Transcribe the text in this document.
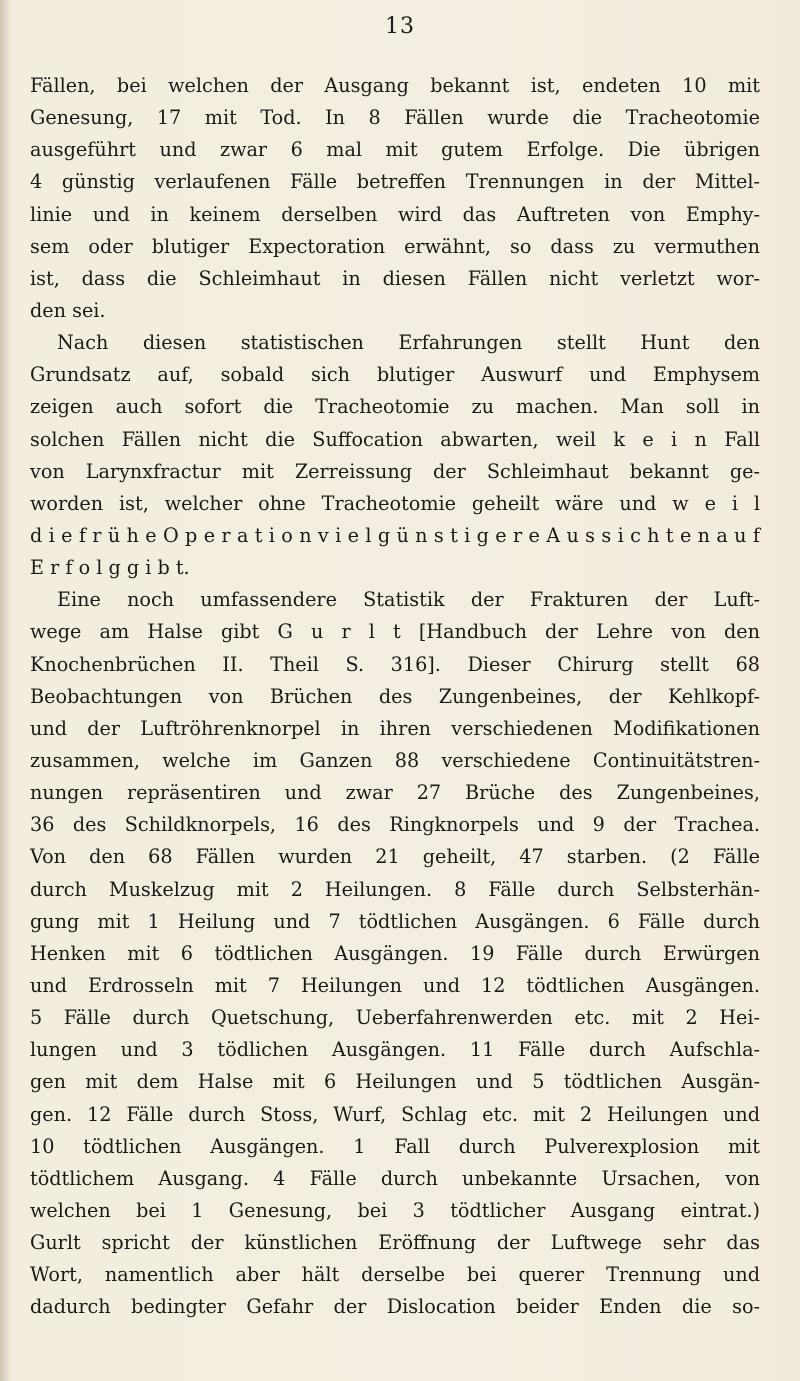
13
Fällen, bei welchen der Ausgang bekannt ist, endeten 10 mit
Genesung, 17 mit Tod. In 8 Fällen wurde die Tracheotomie
ausgeführt und zwar 6 mal mit gutem Erfolge. Die übrigen
4 günstig verlaufenen Fälle betreffen Trennungen in der Mittel-
linie und in keinem derselben wird das Auftreten von Emphy-
sem oder blutiger Expectoration erwähnt, so dass zu vermuthen
ist, dass die Schleimhaut in diesen Fällen nicht verletzt wor-
den sei.
Nach diesen statistischen Erfahrungen stellt Hunt den
Grundsatz auf, sobald sich blutiger Auswurf und Emphysem
zeigen auch sofort die Tracheotomie zu machen. Man soll in
solchen Fällen nicht die Suffocation abwarten, weil k e i n Fall
von Larynxfractur mit Zerreissung der Schleimhaut bekannt ge-
worden ist, welcher ohne Tracheotomie geheilt wäre und w e i l
d i e f r ü h e O p e r a t i o n v i e l g ü n s t i g e r e A u s s i c h t e n a u f
E r f o l g g i b t.
Eine noch umfassendere Statistik der Frakturen der Luft-
wege am Halse gibt G u r l t [Handbuch der Lehre von den
Knochenbrüchen II. Theil S. 316]. Dieser Chirurg stellt 68
Beobachtungen von Brüchen des Zungenbeines, der Kehlkopf-
und der Luftröhrenknorpel in ihren verschiedenen Modifikationen
zusammen, welche im Ganzen 88 verschiedene Continuitätstren-
nungen repräsentiren und zwar 27 Brüche des Zungenbeines,
36 des Schildknorpels, 16 des Ringknorpels und 9 der Trachea.
Von den 68 Fällen wurden 21 geheilt, 47 starben. (2 Fälle
durch Muskelzug mit 2 Heilungen. 8 Fälle durch Selbsterhän-
gung mit 1 Heilung und 7 tödtlichen Ausgängen. 6 Fälle durch
Henken mit 6 tödtlichen Ausgängen. 19 Fälle durch Erwürgen
und Erdrosseln mit 7 Heilungen und 12 tödtlichen Ausgängen.
5 Fälle durch Quetschung, Ueberfahrenwerden etc. mit 2 Hei-
lungen und 3 tödlichen Ausgängen. 11 Fälle durch Aufschla-
gen mit dem Halse mit 6 Heilungen und 5 tödtlichen Ausgän-
gen. 12 Fälle durch Stoss, Wurf, Schlag etc. mit 2 Heilungen und
10 tödtlichen Ausgängen. 1 Fall durch Pulverexplosion mit
tödtlichem Ausgang. 4 Fälle durch unbekannte Ursachen, von
welchen bei 1 Genesung, bei 3 tödtlicher Ausgang eintrat.)
Gurlt spricht der künstlichen Eröffnung der Luftwege sehr das
Wort, namentlich aber hält derselbe bei querer Trennung und
dadurch bedingter Gefahr der Dislocation beider Enden die so-
